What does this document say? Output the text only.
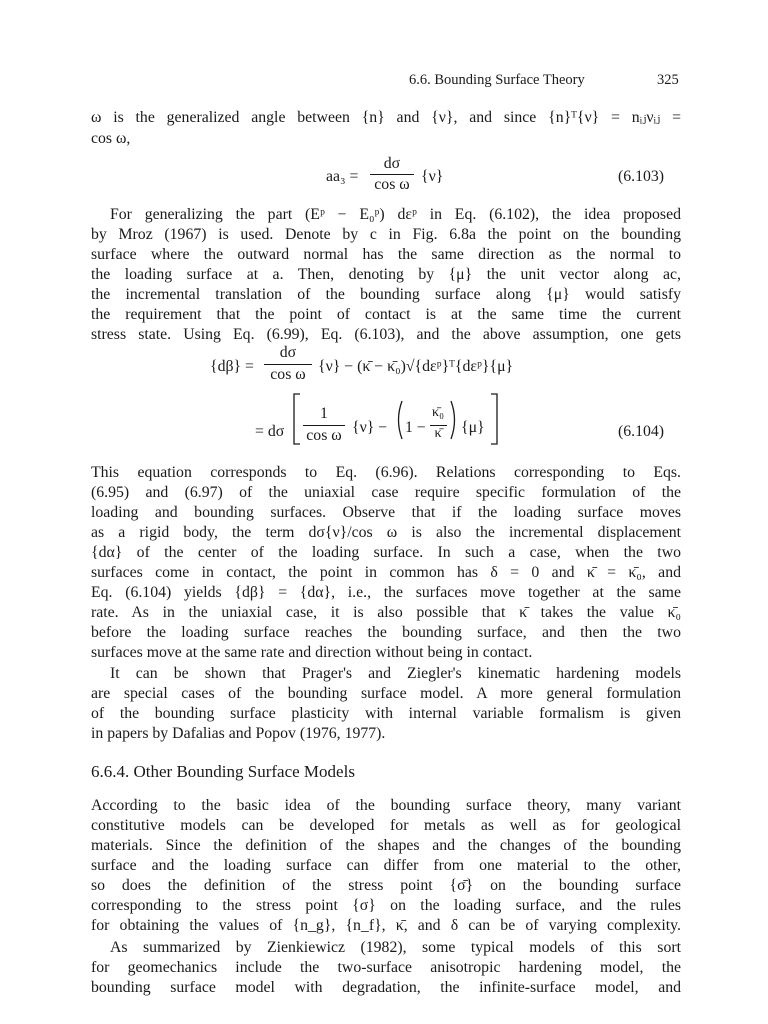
6.6. Bounding Surface Theory	325
ω is the generalized angle between {n} and {ν}, and since {n}ᵀ{ν} = nᵢⱼνᵢⱼ =
cos ω,
aa₃ =
dσ
cos ω {ν}	(6.103)
For generalizing the part (Eᵖ − E₀ᵖ) dεᵖ in Eq. (6.102), the idea proposed
by Mroz (1967) is used. Denote by c in Fig. 6.8a the point on the bounding
surface where the outward normal has the same direction as the normal to
the loading surface at a. Then, denoting by {μ} the unit vector along ac,
the incremental translation of the bounding surface along {μ} would satisfy
the requirement that the point of contact is at the same time the current
stress state. Using Eq. (6.99), Eq. (6.103), and the above assumption, one gets
{dβ} =
dσ
cos ω {ν} − (κ̄ − κ̄₀)√{dεᵖ}ᵀ{dεᵖ}{μ}
= dσ
1
cos ω {ν} − 1 −
κ̄₀
κ̄	{μ}	(6.104)
This equation corresponds to Eq. (6.96). Relations corresponding to Eqs.
(6.95) and (6.97) of the uniaxial case require specific formulation of the
loading and bounding surfaces. Observe that if the loading surface moves
as a rigid body, the term dσ{ν}/cos ω is also the incremental displacement
{dα} of the center of the loading surface. In such a case, when the two
surfaces come in contact, the point in common has δ = 0 and κ̄ = κ̄₀, and
Eq. (6.104) yields {dβ} = {dα}, i.e., the surfaces move together at the same
rate. As in the uniaxial case, it is also possible that κ̄ takes the value κ̄₀
before the loading surface reaches the bounding surface, and then the two
surfaces move at the same rate and direction without being in contact.
It can be shown that Prager's and Ziegler's kinematic hardening models
are special cases of the bounding surface model. A more general formulation
of the bounding surface plasticity with internal variable formalism is given
in papers by Dafalias and Popov (1976, 1977).
6.6.4. Other Bounding Surface Models
According to the basic idea of the bounding surface theory, many variant
constitutive models can be developed for metals as well as for geological
materials. Since the definition of the shapes and the changes of the bounding
surface and the loading surface can differ from one material to the other,
so does the definition of the stress point {σ̄} on the bounding surface
corresponding to the stress point {σ} on the loading surface, and the rules
for obtaining the values of {n_g}, {n_f}, κ̄, and δ can be of varying complexity.
As summarized by Zienkiewicz (1982), some typical models of this sort
for geomechanics include the two-surface anisotropic hardening model, the
bounding surface model with degradation, the infinite-surface model, and
